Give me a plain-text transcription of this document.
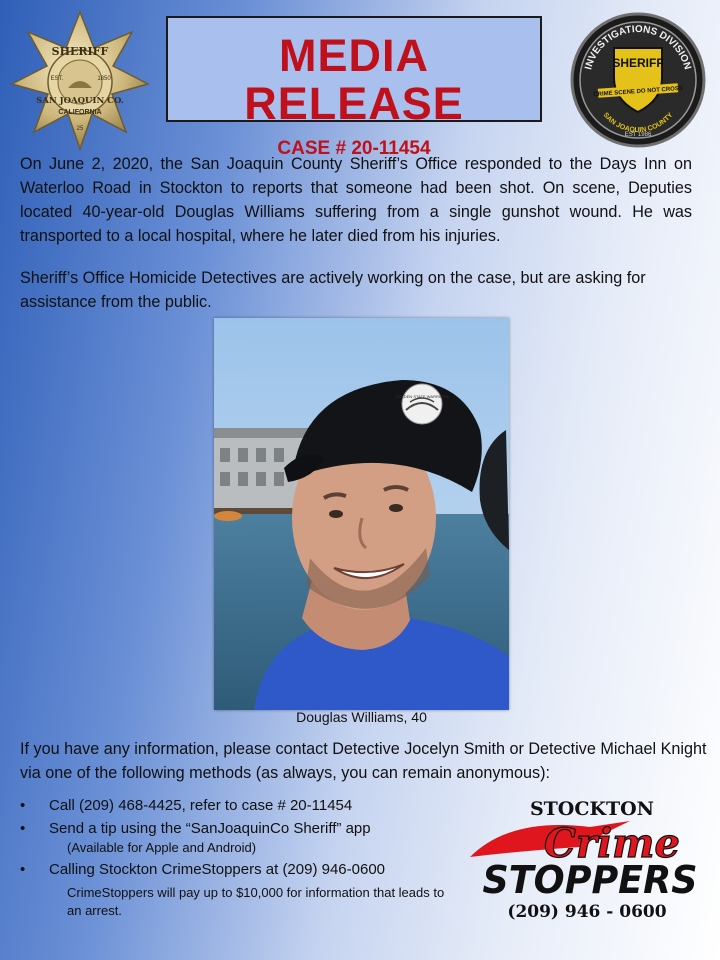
SHERIFF
EST.	1850
SAN JOAQUIN CO.
CALIFORNIA
25
MEDIA RELEASE
CASE # 20-11454
INVESTIGATIONS DIVISION
SHERIFF
CRIME SCENE DO NOT CROSS
SAN JOAQUIN COUNTY
EST 1986
On June 2, 2020, the San Joaquin County Sheriff’s Office responded to the Days Inn on Waterloo Road in Stockton to reports that someone had been shot. On scene, Deputies located 40-year-old Douglas Williams suffering from a single gunshot wound. He was transported to a local hospital, where he later died from his injuries.
Sheriff’s Office Homicide Detectives are actively working on the case, but are asking for assistance from the public.
GOLDEN STATE WARRIORS
Douglas Williams, 40
If you have any information, please contact Detective Jocelyn Smith or Detective Michael Knight via one of the following methods (as always, you can remain anonymous):
• Call (209) 468-4425, refer to case # 20-11454
• Send a tip using the “SanJoaquinCo Sheriff” app
(Available for Apple and Android)
• Calling Stockton CrimeStoppers at (209) 946-0600
CrimeStoppers will pay up to $10,000 for information that leads to an arrest.
STOCKTON
Crime
STOPPERS
(209) 946 - 0600
